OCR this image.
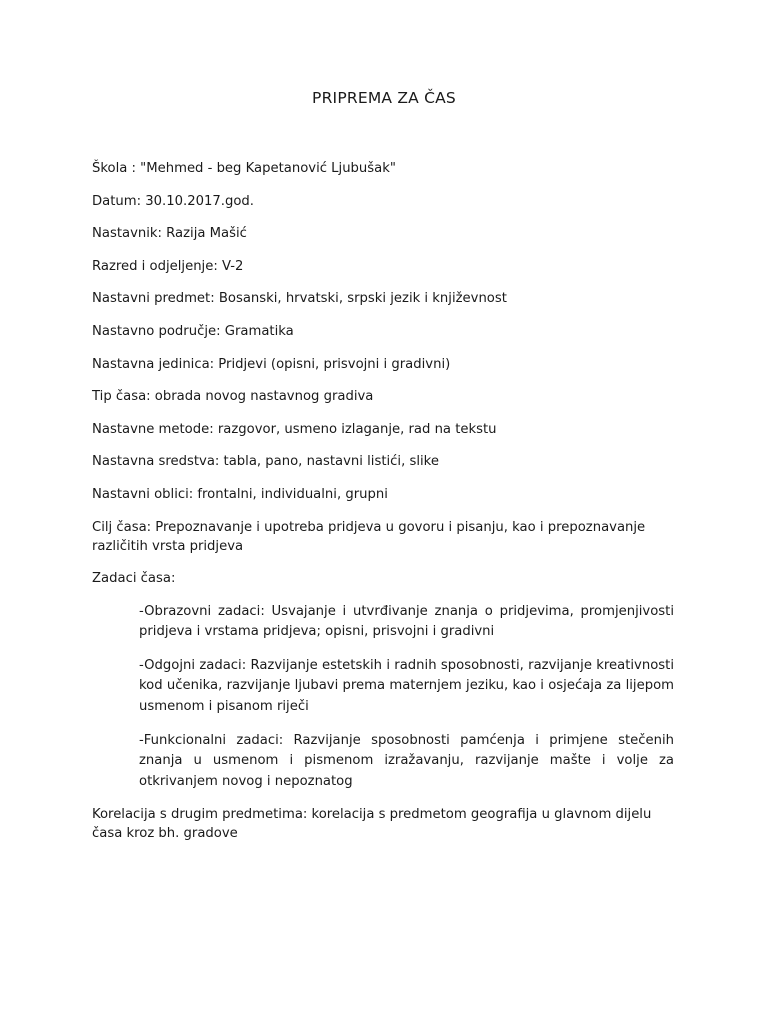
PRIPREMA ZA ČAS
Škola : "Mehmed - beg Kapetanović Ljubušak"
Datum: 30.10.2017.god.
Nastavnik: Razija Mašić
Razred i odjeljenje: V-2
Nastavni predmet: Bosanski, hrvatski, srpski jezik i književnost
Nastavno područje: Gramatika
Nastavna jedinica: Pridjevi (opisni, prisvojni i gradivni)
Tip časa: obrada novog nastavnog gradiva
Nastavne metode: razgovor, usmeno izlaganje, rad na tekstu
Nastavna sredstva: tabla, pano, nastavni listići, slike
Nastavni oblici: frontalni, individualni, grupni
Cilj časa: Prepoznavanje i upotreba pridjeva u govoru i pisanju, kao i prepoznavanje različitih vrsta pridjeva
Zadaci časa:
-Obrazovni zadaci: Usvajanje i utvrđivanje znanja o pridjevima, promjenjivosti pridjeva i vrstama pridjeva; opisni, prisvojni i gradivni
-Odgojni zadaci: Razvijanje estetskih i radnih sposobnosti, razvijanje kreativnosti kod učenika, razvijanje ljubavi prema maternjem jeziku, kao i osjećaja za lijepom usmenom i pisanom riječi
-Funkcionalni zadaci: Razvijanje sposobnosti pamćenja i primjene stečenih znanja u usmenom i pismenom izražavanju, razvijanje mašte i volje za otkrivanjem novog i nepoznatog
Korelacija s drugim predmetima: korelacija s predmetom geografija u glavnom dijelu časa kroz bh. gradove
